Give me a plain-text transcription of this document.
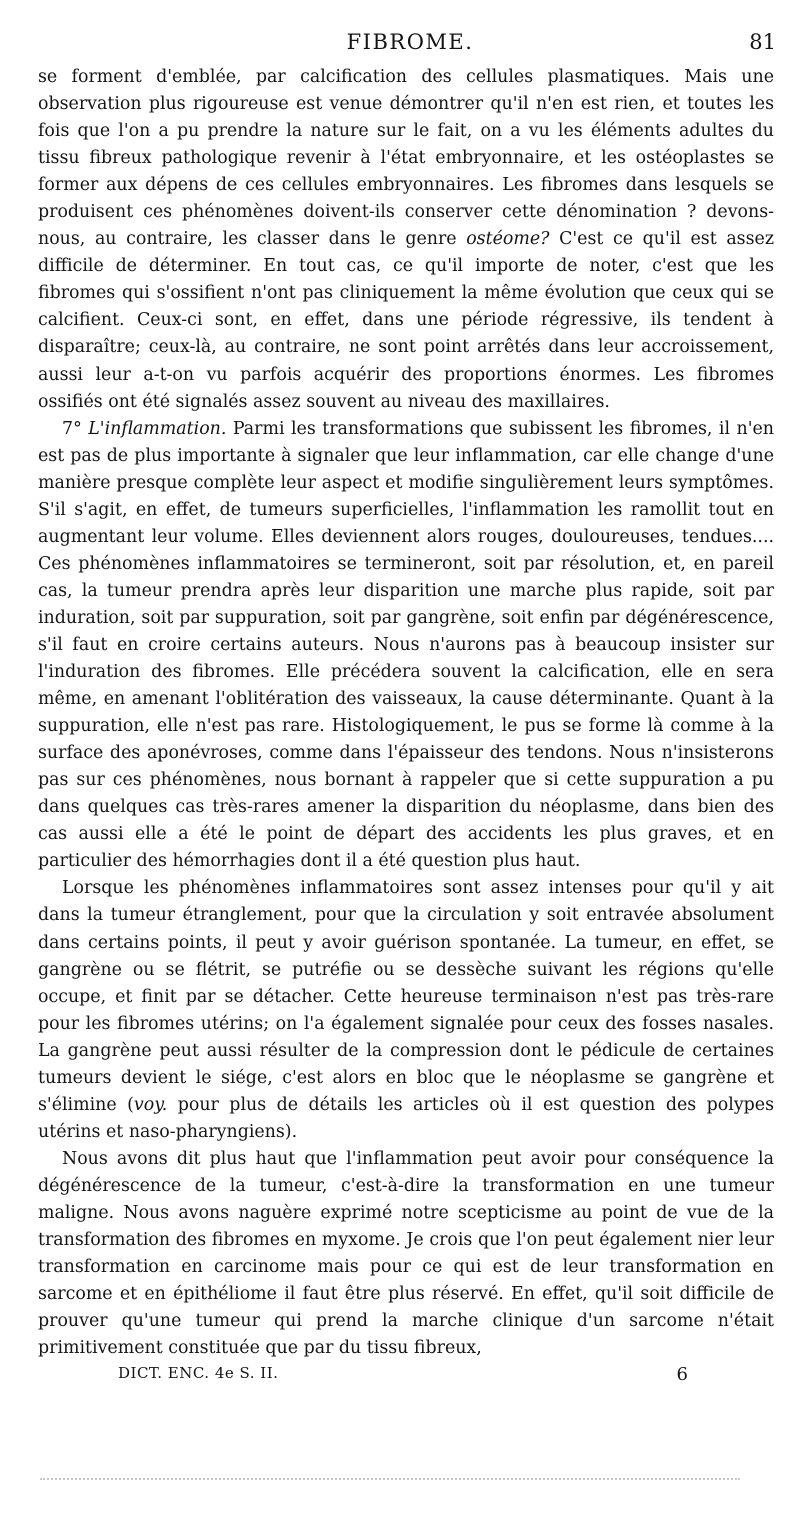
FIBROME.	81

se forment d'emblée, par calcification des cellules plasmatiques. Mais une observation plus rigoureuse est venue démontrer qu'il n'en est rien, et toutes les fois que l'on a pu prendre la nature sur le fait, on a vu les éléments adultes du tissu fibreux pathologique revenir à l'état embryonnaire, et les ostéoplastes se former aux dépens de ces cellules embryonnaires. Les fibromes dans lesquels se produisent ces phénomènes doivent-ils conserver cette dénomination ? devons-nous, au contraire, les classer dans le genre ostéome? C'est ce qu'il est assez difficile de déterminer. En tout cas, ce qu'il importe de noter, c'est que les fibromes qui s'ossifient n'ont pas cliniquement la même évolution que ceux qui se calcifient. Ceux-ci sont, en effet, dans une période régressive, ils tendent à disparaître; ceux-là, au contraire, ne sont point arrêtés dans leur accroissement, aussi leur a-t-on vu parfois acquérir des proportions énormes. Les fibromes ossifiés ont été signalés assez souvent au niveau des maxillaires.

7° L'inflammation. Parmi les transformations que subissent les fibromes, il n'en est pas de plus importante à signaler que leur inflammation, car elle change d'une manière presque complète leur aspect et modifie singulièrement leurs symptômes. S'il s'agit, en effet, de tumeurs superficielles, l'inflammation les ramollit tout en augmentant leur volume. Elles deviennent alors rouges, douloureuses, tendues.... Ces phénomènes inflammatoires se termineront, soit par résolution, et, en pareil cas, la tumeur prendra après leur disparition une marche plus rapide, soit par induration, soit par suppuration, soit par gangrène, soit enfin par dégénérescence, s'il faut en croire certains auteurs. Nous n'aurons pas à beaucoup insister sur l'induration des fibromes. Elle précédera souvent la calcification, elle en sera même, en amenant l'oblitération des vaisseaux, la cause déterminante. Quant à la suppuration, elle n'est pas rare. Histologiquement, le pus se forme là comme à la surface des aponévroses, comme dans l'épaisseur des tendons. Nous n'insisterons pas sur ces phénomènes, nous bornant à rappeler que si cette suppuration a pu dans quelques cas très-rares amener la disparition du néoplasme, dans bien des cas aussi elle a été le point de départ des accidents les plus graves, et en particulier des hémorrhagies dont il a été question plus haut.

Lorsque les phénomènes inflammatoires sont assez intenses pour qu'il y ait dans la tumeur étranglement, pour que la circulation y soit entravée absolument dans certains points, il peut y avoir guérison spontanée. La tumeur, en effet, se gangrène ou se flétrit, se putréfie ou se dessèche suivant les régions qu'elle occupe, et finit par se détacher. Cette heureuse terminaison n'est pas très-rare pour les fibromes utérins; on l'a également signalée pour ceux des fosses nasales. La gangrène peut aussi résulter de la compression dont le pédicule de certaines tumeurs devient le siége, c'est alors en bloc que le néoplasme se gangrène et s'élimine (voy. pour plus de détails les articles où il est question des polypes utérins et naso-pharyngiens).

Nous avons dit plus haut que l'inflammation peut avoir pour conséquence la dégénérescence de la tumeur, c'est-à-dire la transformation en une tumeur maligne. Nous avons naguère exprimé notre scepticisme au point de vue de la transformation des fibromes en myxome. Je crois que l'on peut également nier leur transformation en carcinome mais pour ce qui est de leur transformation en sarcome et en épithéliome il faut être plus réservé. En effet, qu'il soit difficile de prouver qu'une tumeur qui prend la marche clinique d'un sarcome n'était primitivement constituée que par du tissu fibreux,

DICT. ENC. 4e S. II.	6
